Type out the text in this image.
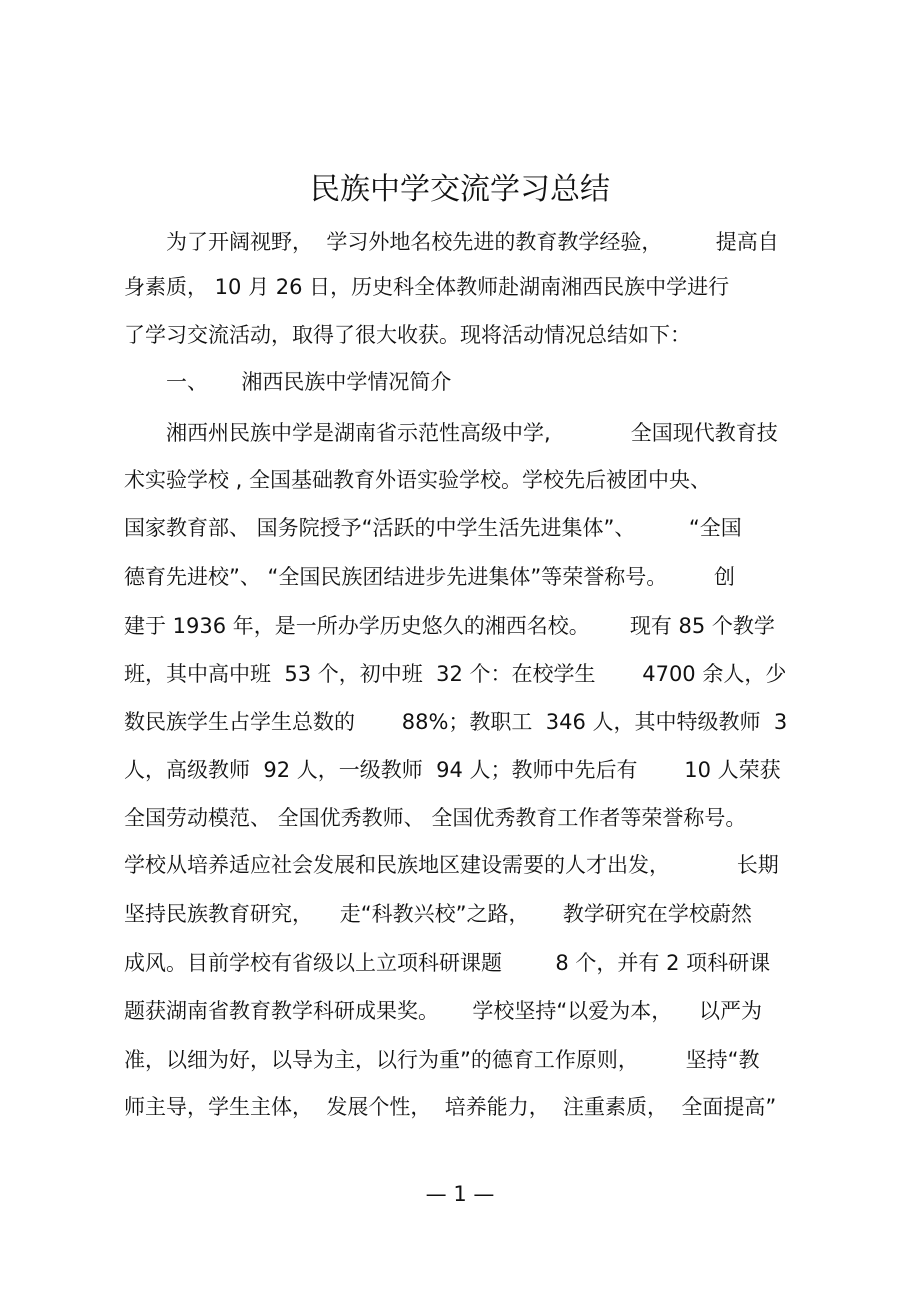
民族中学交流学习总结
　　为了开阔视野，  学习外地名校先进的教育教学经验，        提高自
身素质， 10 月 26 日，历史科全体教师赴湖南湘西民族中学进行
了学习交流活动，取得了很大收获。现将活动情况总结如下：
　　一、     湘西民族中学情况简介
　　湘西州民族中学是湖南省示范性高级中学,            全国现代教育技
术实验学校 , 全国基础教育外语实验学校。学校先后被团中央、
国家教育部、 国务院授予“活跃的中学生活先进集体”、        “全国
德育先进校”、 “全国民族团结进步先进集体”等荣誉称号。       创
建于 1936 年，是一所办学历史悠久的湘西名校。      现有 85 个教学
班，其中高中班  53 个，初中班  32 个：在校学生       4700 余人，少
数民族学生占学生总数的       88%；教职工  346 人，其中特级教师  3
人，高级教师  92 人，一级教师  94 人；教师中先后有       10 人荣获
全国劳动模范、 全国优秀教师、 全国优秀教育工作者等荣誉称号。
学校从培养适应社会发展和民族地区建设需要的人才出发，          长期
坚持民族教育研究，    走“科教兴校”之路，     教学研究在学校蔚然
成风。目前学校有省级以上立项科研课题        8 个，并有 2 项科研课
题获湖南省教育教学科研成果奖。     学校坚持“以爱为本，    以严为
准，以细为好，以导为主，以行为重”的德育工作原则，       坚持“教
师主导，学生主体，  发展个性，  培养能力，  注重素质，  全面提高”
— 1 —
